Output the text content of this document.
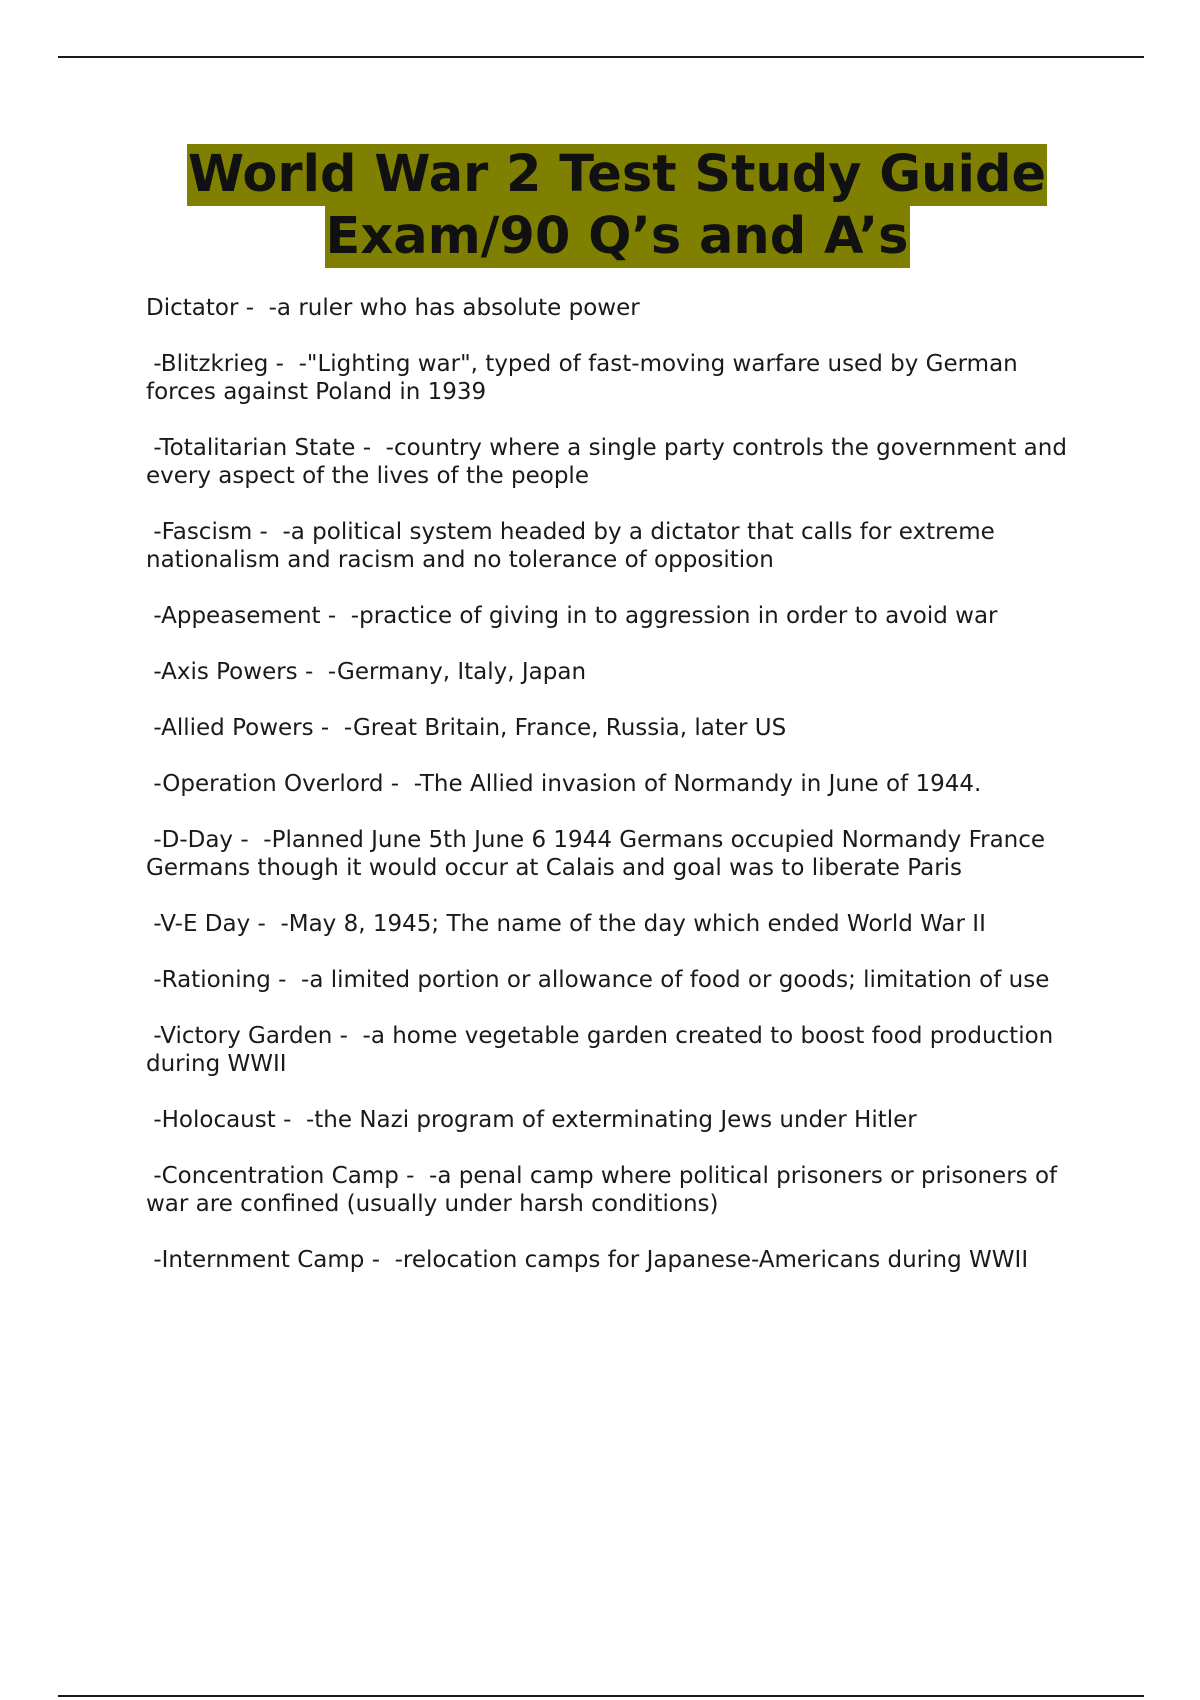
World War 2 Test Study Guide
Exam/90 Q’s and A’s

Dictator -  -a ruler who has absolute power

-Blitzkrieg -  -"Lighting war", typed of fast-moving warfare used by German forces against Poland in 1939

-Totalitarian State -  -country where a single party controls the government and every aspect of the lives of the people

-Fascism -  -a political system headed by a dictator that calls for extreme nationalism and racism and no tolerance of opposition

-Appeasement -  -practice of giving in to aggression in order to avoid war

-Axis Powers -  -Germany, Italy, Japan

-Allied Powers -  -Great Britain, France, Russia, later US

-Operation Overlord -  -The Allied invasion of Normandy in June of 1944.

-D-Day -  -Planned June 5th June 6 1944 Germans occupied Normandy France Germans though it would occur at Calais and goal was to liberate Paris

-V-E Day -  -May 8, 1945; The name of the day which ended World War II

-Rationing -  -a limited portion or allowance of food or goods; limitation of use

-Victory Garden -  -a home vegetable garden created to boost food production during WWII

-Holocaust -  -the Nazi program of exterminating Jews under Hitler

-Concentration Camp -  -a penal camp where political prisoners or prisoners of war are confined (usually under harsh conditions)

-Internment Camp -  -relocation camps for Japanese-Americans during WWII
